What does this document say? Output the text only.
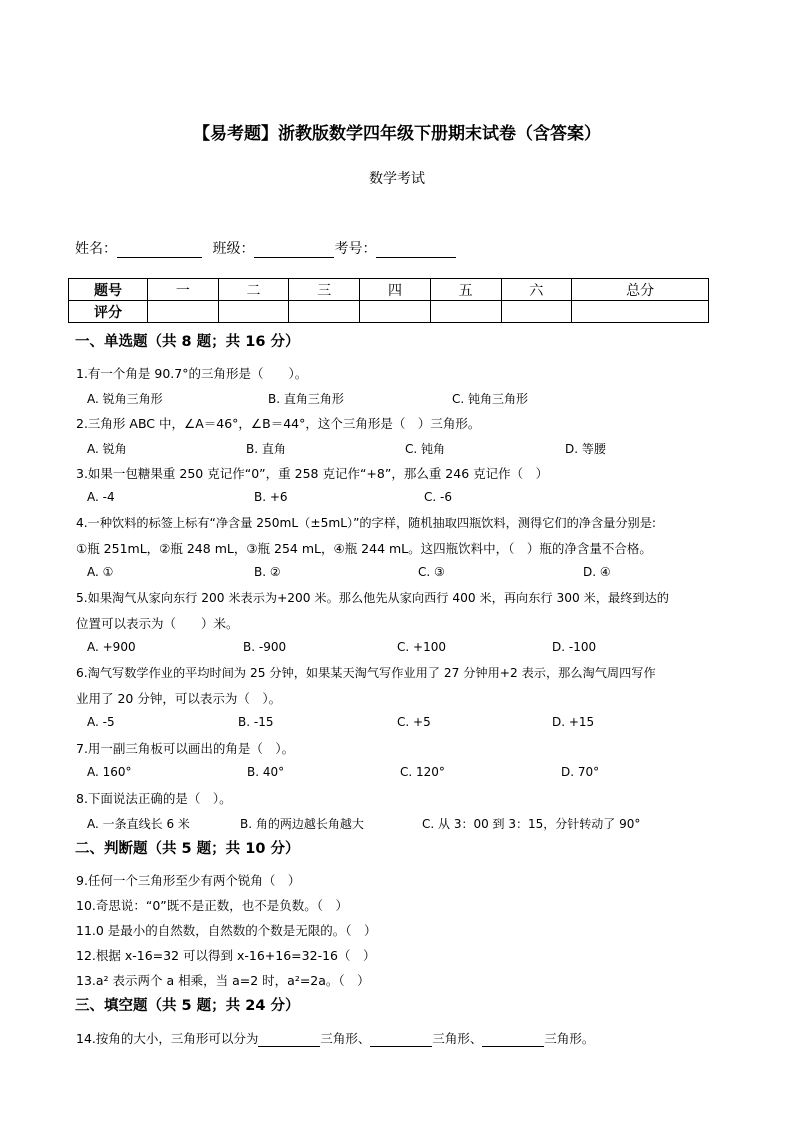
【易考题】浙教版数学四年级下册期末试卷（含答案）
数学考试
姓名：	班级：	考号：
题号	一	二	三	四	五	六	总分
评分							
一、单选题（共 8 题；共 16 分）
1.有一个角是 90.7°的三角形是（　　）。
A. 锐角三角形	B. 直角三角形	C. 钝角三角形
2.三角形 ABC 中，∠A＝46°，∠B＝44°，这个三角形是（　）三角形。
A. 锐角	B. 直角	C. 钝角	D. 等腰
3.如果一包糖果重 250 克记作“0”，重 258 克记作“+8”，那么重 246 克记作（　）
A. -4	B. +6	C. -6
4.一种饮料的标签上标有“净含量 250mL（±5mL）”的字样，随机抽取四瓶饮料，测得它们的净含量分别是:
①瓶 251mL，②瓶 248 mL，③瓶 254 mL，④瓶 244 mL。这四瓶饮料中，（　）瓶的净含量不合格。
A. ①	B. ②	C. ③	D. ④
5.如果淘气从家向东行 200 米表示为+200 米。那么他先从家向西行 400 米，再向东行 300 米，最终到达的
位置可以表示为（　　）米。
A. +900	B. -900	C. +100	D. -100
6.淘气写数学作业的平均时间为 25 分钟，如果某天淘气写作业用了 27 分钟用+2 表示，那么淘气周四写作
业用了 20 分钟，可以表示为（　）。
A. -5	B. -15	C. +5	D. +15
7.用一副三角板可以画出的角是（　）。
A. 160°	B. 40°	C. 120°	D. 70°
8.下面说法正确的是（　）。
A. 一条直线长 6 米	B. 角的两边越长角越大	C. 从 3：00 到 3：15，分针转动了 90°
二、判断题（共 5 题；共 10 分）
9.任何一个三角形至少有两个锐角（　）
10.奇思说：“0”既不是正数，也不是负数。（　）
11.0 是最小的自然数，自然数的个数是无限的。（　）
12.根据 x-16=32 可以得到 x-16+16=32-16（　）
13.a² 表示两个 a 相乘，当 a=2 时，a²=2a。（　）
三、填空题（共 5 题；共 24 分）
14.按角的大小，三角形可以分为	三角形、	三角形、	三角形。
